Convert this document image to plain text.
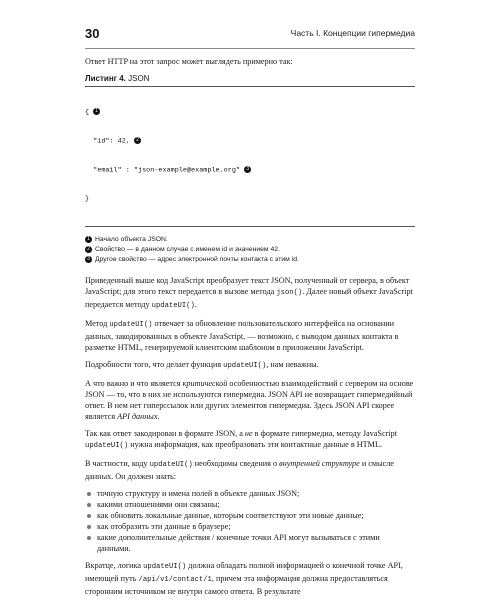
30	Часть I. Концепции гипермедиа

Ответ HTTP на этот запрос может выглядеть примерно так:

Листинг 4. JSON

{ 1

"id": 42, 2

"email" : "json-example@example.org" 3

}

1 Начало объекта JSON.
2 Свойство — в данном случае с именем id и значением 42.
3 Другое свойство — адрес электронной почты контакта с этим id.

Приведенный выше код JavaScript преобразует текст JSON, полученный от сервера, в объект JavaScript; для этого текст передается в вызове метода json(). Далее новый объект JavaScript передается методу updateUI().

Метод updateUI() отвечает за обновление пользовательского интерфейса на основании данных, закодированных в объекте JavaScript, — возможно, с выводом данных контакта в разметке HTML, генерируемой клиентским шаблоном в приложении JavaScript.

Подробности того, что делает функция updateUI(), нам неважны.

А что важно и что является критической особенностью взаимодействий с сервером на основе JSON — то, что в них не используются гипермедиа. JSON API не возвращает гипермедийный ответ. В нем нет гиперссылок или других элементов гипермедиа. Здесь JSON API скорее является API данных.

Так как ответ закодирован в формате JSON, а не в формате гипермедиа, методу JavaScript updateUI() нужна информация, как преобразовать эти контактные данные в HTML.

В частности, коду updateUI() необходимы сведения о внутренней структуре и смысле данных. Он должен знать:

точную структуру и имена полей в объекте данных JSON;
какими отношениями они связаны;
как обновить локальные данные, которым соответствуют эти новые данные;
как отобразить эти данные в браузере;
какие дополнительные действия / конечные точки API могут вызываться с этими данными.

Вкратце, логика updateUI() должна обладать полной информацией о конечной точке API, имеющей путь /api/v1/contact/1, причем эта информация должна предоставляться сторонним источником не внутри самого ответа. В результате
